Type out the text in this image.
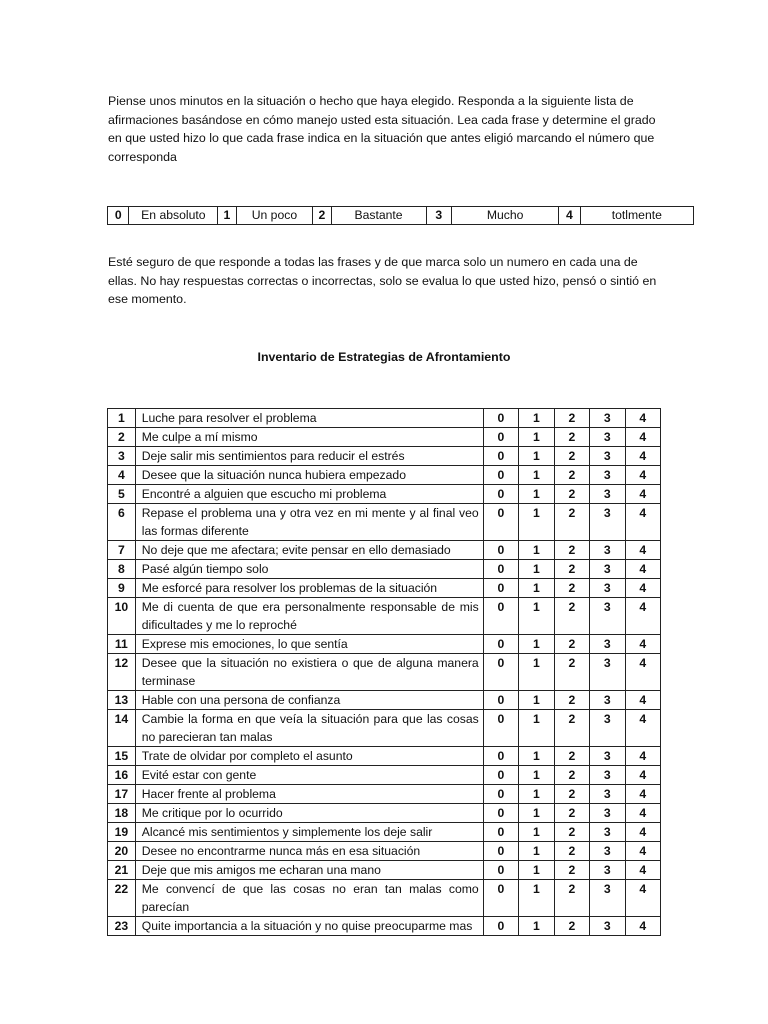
Piense unos minutos en la situación o hecho que haya elegido. Responda a la siguiente lista de afirmaciones basándose en cómo manejo usted esta situación. Lea cada frase y determine el grado en que usted hizo lo que cada frase indica en la situación que antes eligió marcando el número que corresponda

0	En absoluto	1	Un poco	2	Bastante	3	Mucho	4	totlmente

Esté seguro de que responde a todas las frases y de que marca solo un numero en cada una de ellas. No hay respuestas correctas o incorrectas, solo se evalua lo que usted hizo, pensó o sintió en ese momento.

Inventario de Estrategias de Afrontamiento

1	Luche para resolver el problema	0	1	2	3	4
2	Me culpe a mí mismo	0	1	2	3	4
3	Deje salir mis sentimientos para reducir el estrés	0	1	2	3	4
4	Desee que la situación nunca hubiera empezado	0	1	2	3	4
5	Encontré a alguien que escucho mi problema	0	1	2	3	4
6	Repase el problema una y otra vez en mi mente y al final veo las formas diferente	0	1	2	3	4
7	No deje que me afectara; evite pensar en ello demasiado	0	1	2	3	4
8	Pasé algún tiempo solo	0	1	2	3	4
9	Me esforcé para resolver los problemas de la situación	0	1	2	3	4
10	Me di cuenta de que era personalmente responsable de mis dificultades y me lo reproché	0	1	2	3	4
11	Exprese mis emociones, lo que sentía	0	1	2	3	4
12	Desee que la situación no existiera o que de alguna manera terminase	0	1	2	3	4
13	Hable con una persona de confianza	0	1	2	3	4
14	Cambie la forma en que veía la situación para que las cosas no parecieran tan malas	0	1	2	3	4
15	Trate de olvidar por completo el asunto	0	1	2	3	4
16	Evité estar con gente	0	1	2	3	4
17	Hacer frente al problema	0	1	2	3	4
18	Me critique por lo ocurrido	0	1	2	3	4
19	Alcancé mis sentimientos y simplemente los deje salir	0	1	2	3	4
20	Desee no encontrarme nunca más en esa situación	0	1	2	3	4
21	Deje que mis amigos me echaran una mano	0	1	2	3	4
22	Me convencí de que las cosas no eran tan malas como parecían	0	1	2	3	4
23	Quite importancia a la situación y no quise preocuparme mas	0	1	2	3	4
